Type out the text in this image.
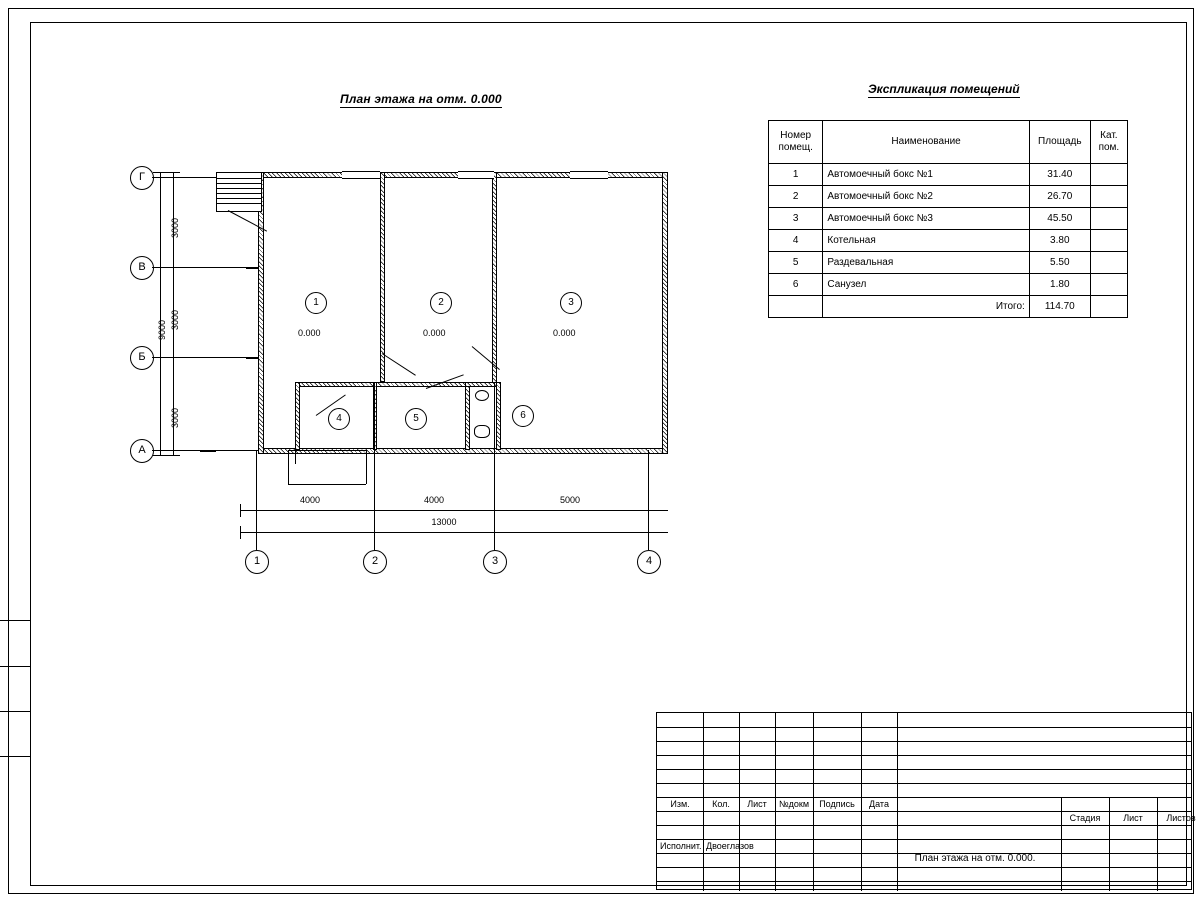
План этажа на отм. 0.000
Экспликация помещений
Номер
помещ.	Наименование	Площадь	Кат.
пом.
1	Автомоечный бокс №1	31.40	
2	Автомоечный бокс №2	26.70	
3	Автомоечный бокс №3	45.50	
4	Котельная	3.80	
5	Раздевальная	5.50	
6	Санузел	1.80	
	Итого:	114.70	
Г
В
Б
А
3000
3000
3000
9000
1
0.000
2
0.000
3
0.000
4	5	6
4000	4000	5000
13000
1	2	3	4
Изм.	Кол.	Лист	№докм	Подпись	Дата
Исполнит. Двоеглазов
План этажа на отм. 0.000.
Стадия	Лист	Листов
